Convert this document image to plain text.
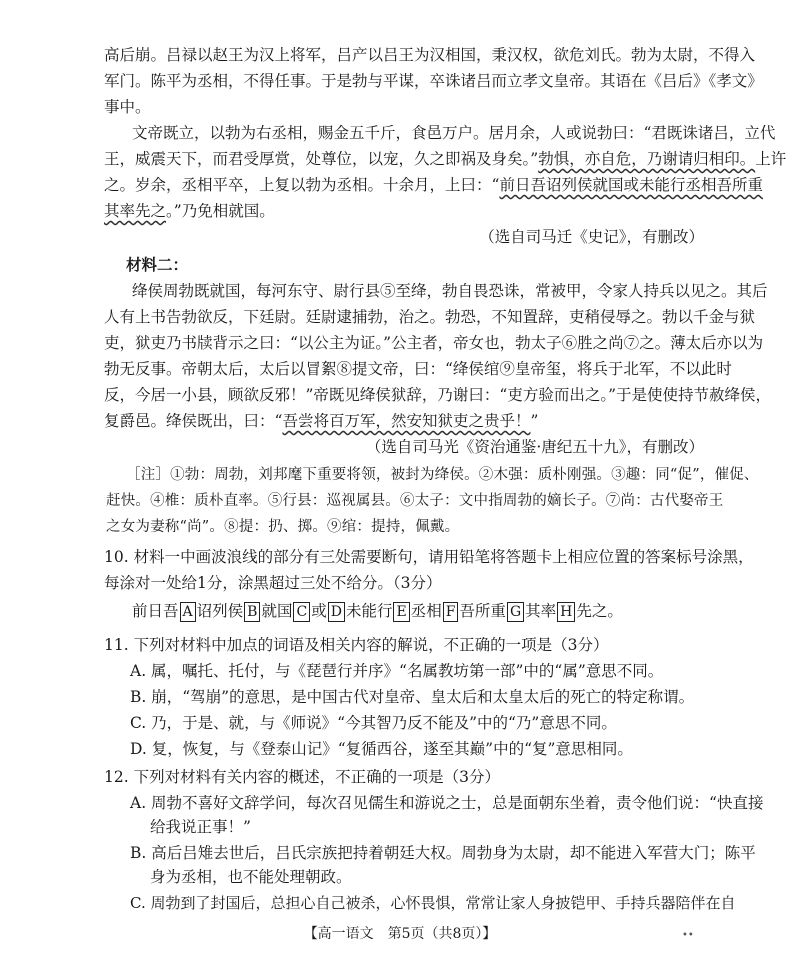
高后崩。吕禄以赵王为汉上将军，吕产以吕王为汉相国，秉汉权，欲危刘氏。勃为太尉，不得入
军门。陈平为丞相，不得任事。于是勃与平谋，卒诛诸吕而立孝文皇帝。其语在《吕后》《孝文》
事中。
文帝既立，以勃为右丞相，赐金五千斤，食邑万户。居月余，人或说勃曰：“君既诛诸吕，立代
王，威震天下，而君受厚赏，处尊位，以宠，久之即祸及身矣。”勃惧，亦自危，乃谢请归相印。上许
之。岁余，丞相平卒，上复以勃为丞相。十余月，上曰：“前日吾诏列侯就国或未能行丞相吾所重
其率先之。”乃免相就国。
（选自司马迁《史记》，有删改）
材料二：
绛侯周勃既就国，每河东守、尉行县⑤至绛，勃自畏恐诛，常被甲，令家人持兵以见之。其后
人有上书告勃欲反，下廷尉。廷尉逮捕勃，治之。勃恐，不知置辞，吏稍侵辱之。勃以千金与狱
吏，狱吏乃书牍背示之曰：“以公主为证。”公主者，帝女也，勃太子⑥胜之尚⑦之。薄太后亦以为
勃无反事。帝朝太后，太后以冒絮⑧提文帝，曰：“绛侯绾⑨皇帝玺，将兵于北军，不以此时
反，今居一小县，顾欲反邪！”帝既见绛侯狱辞，乃谢曰：“吏方验而出之。”于是使使持节赦绛侯，
复爵邑。绛侯既出，曰：“吾尝将百万军，然安知狱吏之贵乎！”
（选自司马光《资治通鉴·唐纪五十九》，有删改）
［注］①勃：周勃，刘邦麾下重要将领，被封为绛侯。②木强：质朴刚强。③趣：同“促”，催促、
赶快。④椎：质朴直率。⑤行县：巡视属县。⑥太子：文中指周勃的嫡长子。⑦尚：古代娶帝王
之女为妻称“尚”。⑧提：扔、掷。⑨绾：提持，佩戴。
10. 材料一中画波浪线的部分有三处需要断句，请用铅笔将答题卡上相应位置的答案标号涂黑，
每涂对一处给1分，涂黑超过三处不给分。（3分）
前日吾 A 诏列侯 B 就国 C 或 D 未能行 E 丞相 F 吾所重 G 其率 H 先之。
11. 下列对材料中加点的词语及相关内容的解说，不正确的一项是（3分）
A. 属，嘱托、托付，与《琵琶行并序》“名属教坊第一部”中的“属”意思不同。
B. 崩，“驾崩”的意思，是中国古代对皇帝、皇太后和太皇太后的死亡的特定称谓。
C. 乃，于是、就，与《师说》“今其智乃反不能及”中的“乃”意思不同。
D. 复，恢复，与《登泰山记》“复循西谷，遂至其巅”中的“复”意思相同。
12. 下列对材料有关内容的概述，不正确的一项是（3分）
A. 周勃不喜好文辞学问，每次召见儒生和游说之士，总是面朝东坐着，责令他们说：“快直接
给我说正事！”
B. 高后吕雉去世后，吕氏宗族把持着朝廷大权。周勃身为太尉，却不能进入军营大门；陈平
身为丞相，也不能处理朝政。
C. 周勃到了封国后，总担心自己被杀，心怀畏惧，常常让家人身披铠甲、手持兵器陪伴在自
【高一语文　第5页（共8页）】	••
